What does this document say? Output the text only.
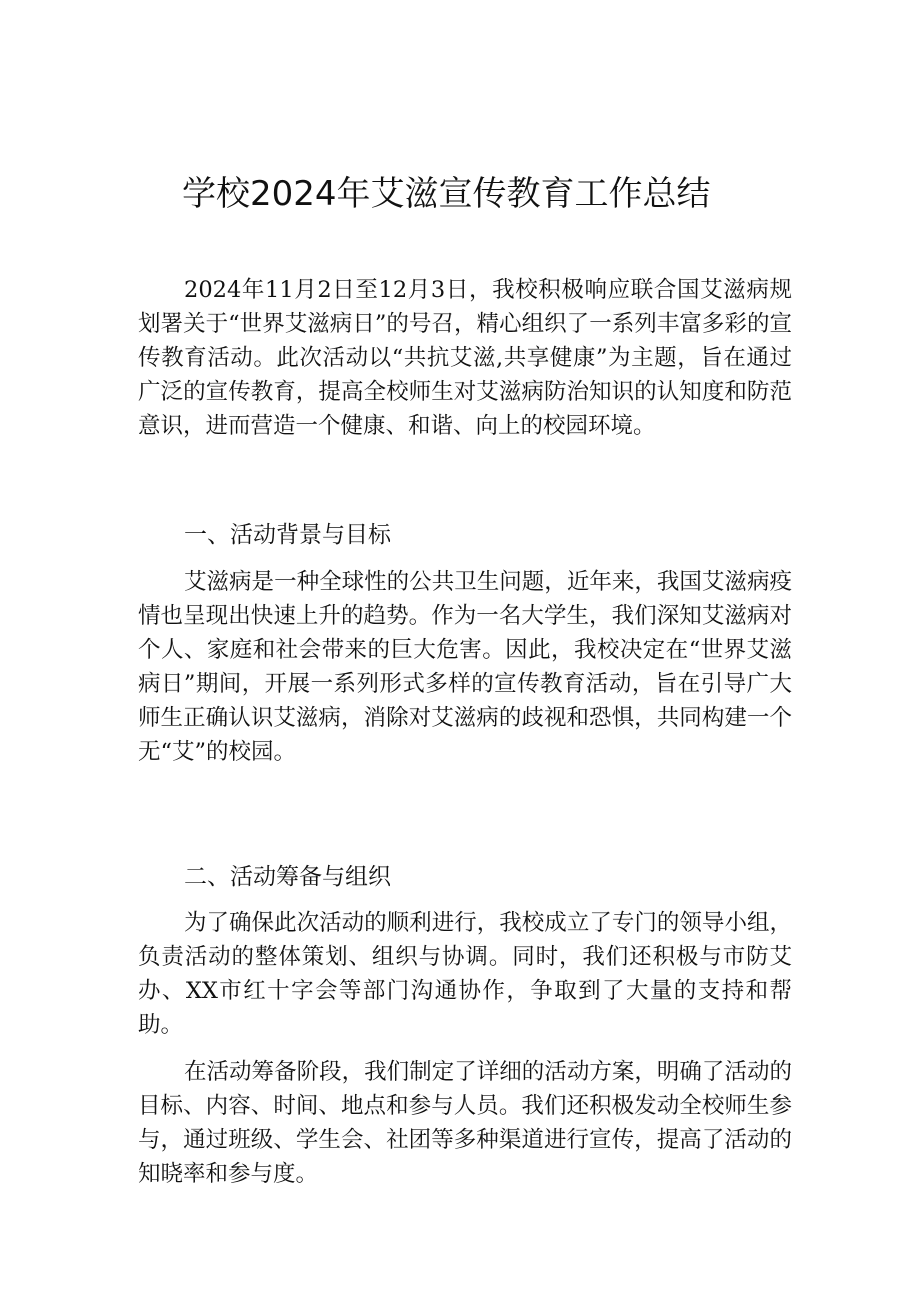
学校2024年艾滋宣传教育工作总结

2024年11月2日至12月3日，我校积极响应联合国艾滋病规划署关于“世界艾滋病日”的号召，精心组织了一系列丰富多彩的宣传教育活动。此次活动以“共抗艾滋,共享健康”为主题，旨在通过广泛的宣传教育，提高全校师生对艾滋病防治知识的认知度和防范意识，进而营造一个健康、和谐、向上的校园环境。

一、活动背景与目标

艾滋病是一种全球性的公共卫生问题，近年来，我国艾滋病疫情也呈现出快速上升的趋势。作为一名大学生，我们深知艾滋病对个人、家庭和社会带来的巨大危害。因此，我校决定在“世界艾滋病日”期间，开展一系列形式多样的宣传教育活动，旨在引导广大师生正确认识艾滋病，消除对艾滋病的歧视和恐惧，共同构建一个无“艾”的校园。

二、活动筹备与组织

为了确保此次活动的顺利进行，我校成立了专门的领导小组，负责活动的整体策划、组织与协调。同时，我们还积极与市防艾办、XX市红十字会等部门沟通协作，争取到了大量的支持和帮助。

在活动筹备阶段，我们制定了详细的活动方案，明确了活动的目标、内容、时间、地点和参与人员。我们还积极发动全校师生参与，通过班级、学生会、社团等多种渠道进行宣传，提高了活动的知晓率和参与度。
